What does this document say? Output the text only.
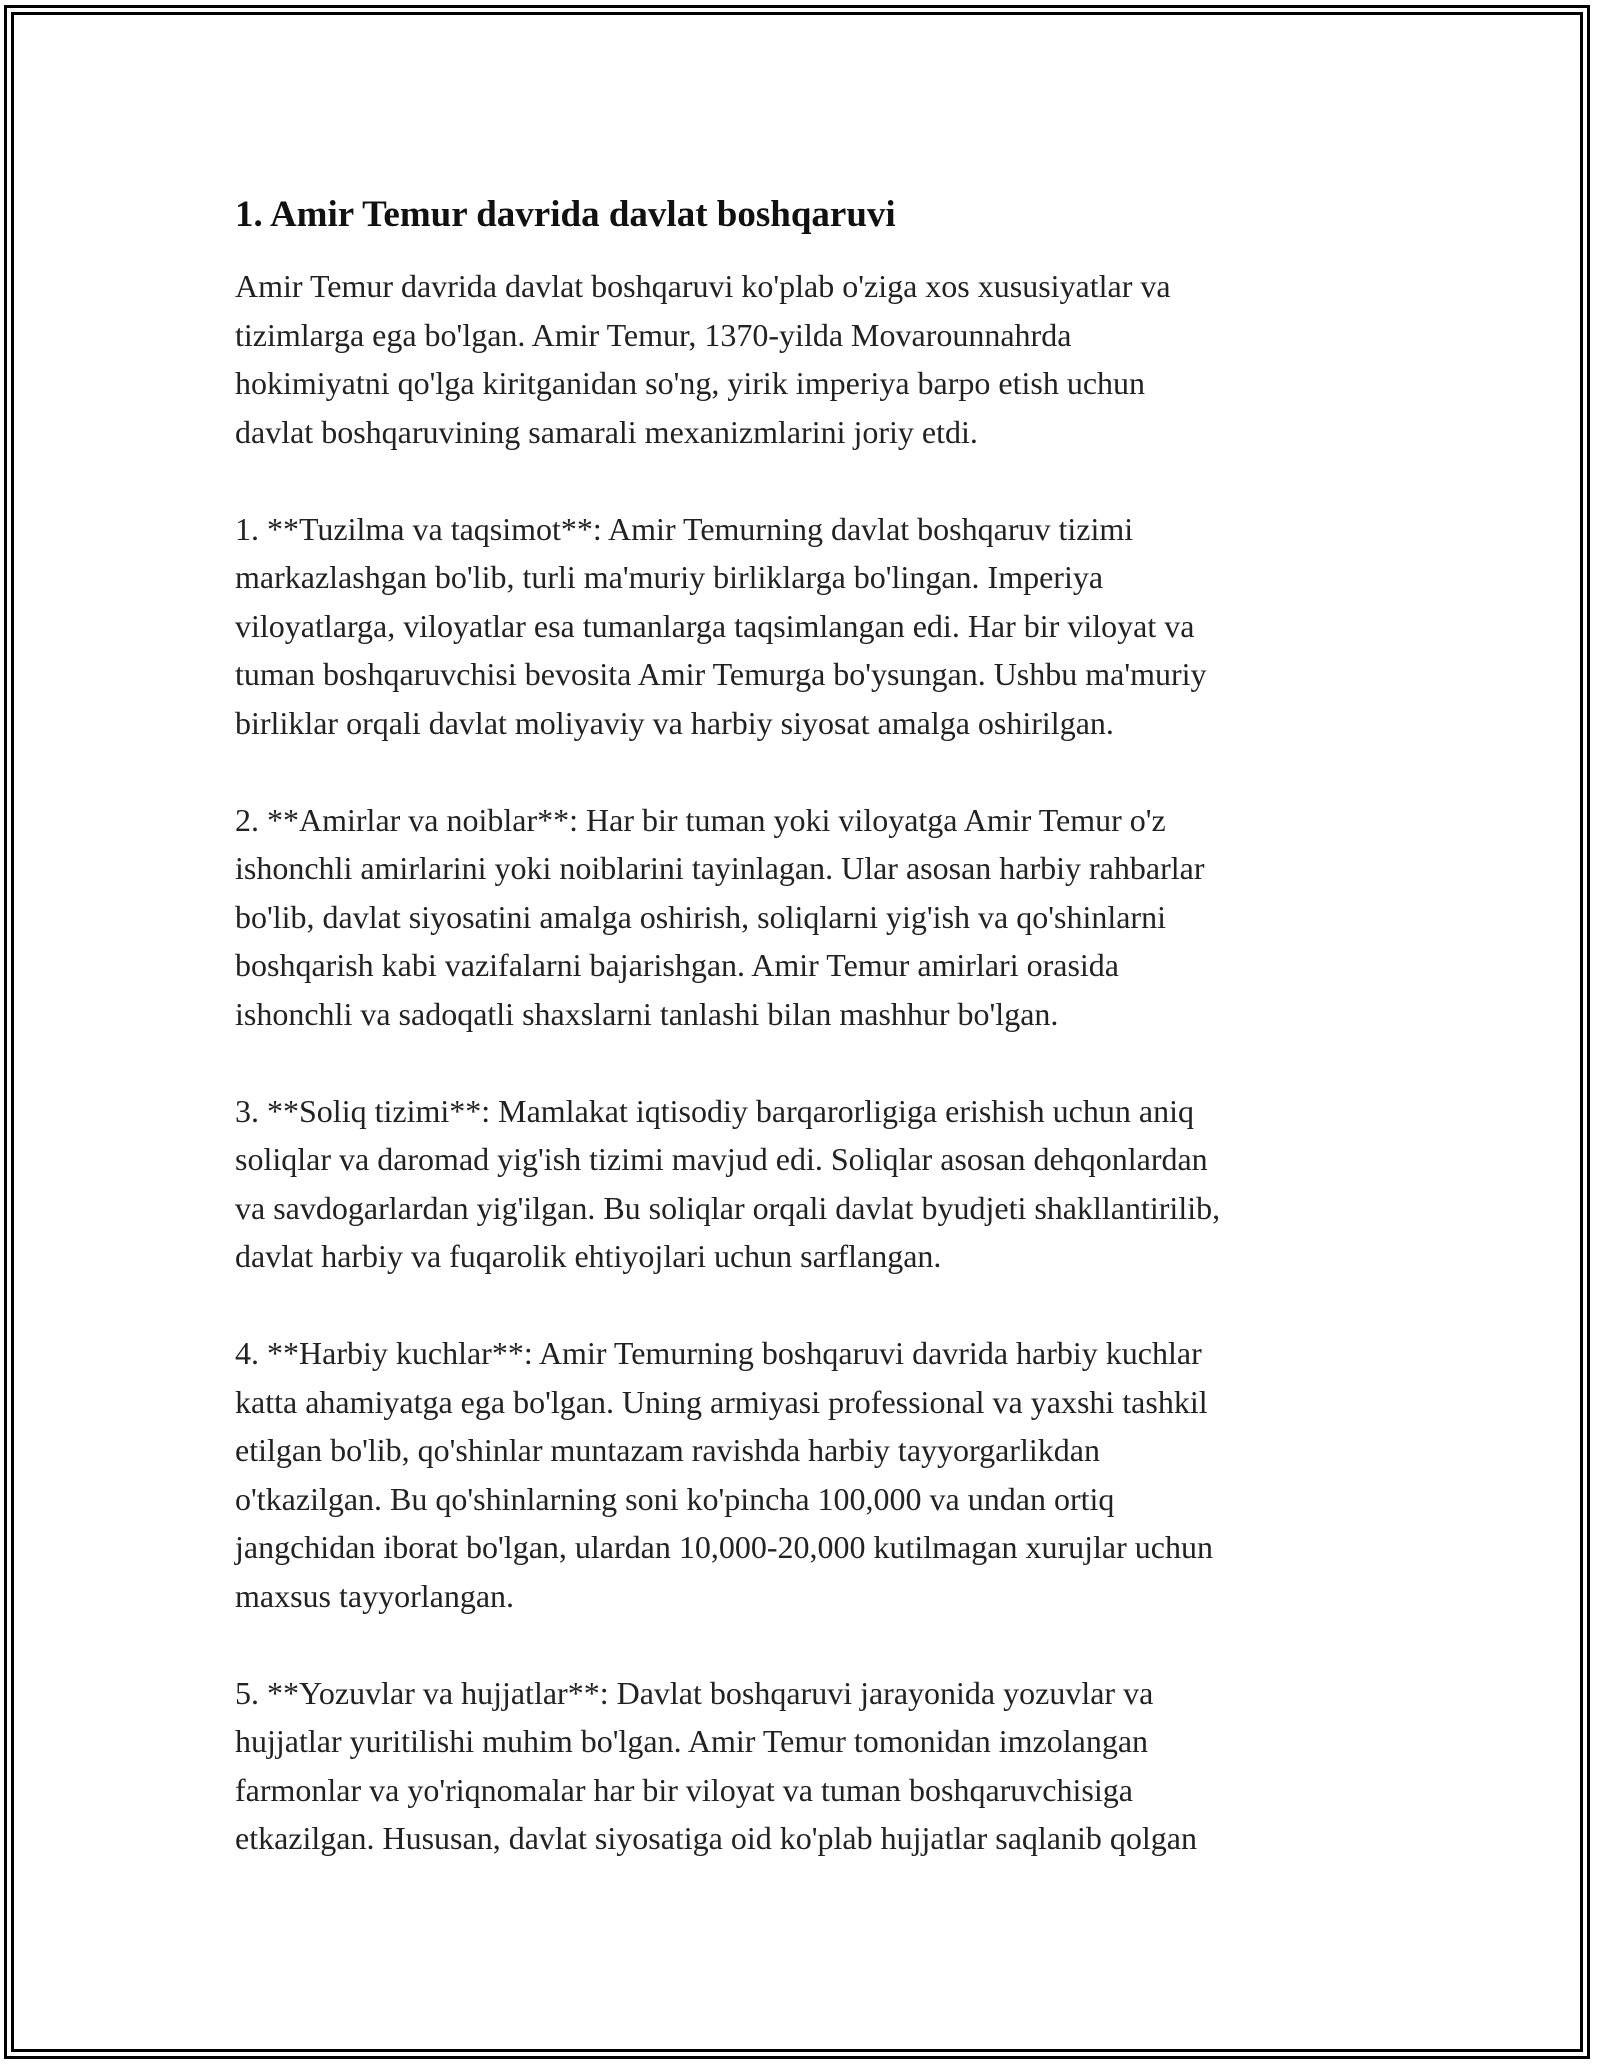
1. Amir Temur davrida davlat boshqaruvi
Amir Temur davrida davlat boshqaruvi ko'plab o'ziga xos xususiyatlar va
tizimlarga ega bo'lgan. Amir Temur, 1370-yilda Movarounnahrda
hokimiyatni qo'lga kiritganidan so'ng, yirik imperiya barpo etish uchun
davlat boshqaruvining samarali mexanizmlarini joriy etdi.
1. **Tuzilma va taqsimot**: Amir Temurning davlat boshqaruv tizimi
markazlashgan bo'lib, turli ma'muriy birliklarga bo'lingan. Imperiya
viloyatlarga, viloyatlar esa tumanlarga taqsimlangan edi. Har bir viloyat va
tuman boshqaruvchisi bevosita Amir Temurga bo'ysungan. Ushbu ma'muriy
birliklar orqali davlat moliyaviy va harbiy siyosat amalga oshirilgan.
2. **Amirlar va noiblar**: Har bir tuman yoki viloyatga Amir Temur o'z
ishonchli amirlarini yoki noiblarini tayinlagan. Ular asosan harbiy rahbarlar
bo'lib, davlat siyosatini amalga oshirish, soliqlarni yig'ish va qo'shinlarni
boshqarish kabi vazifalarni bajarishgan. Amir Temur amirlari orasida
ishonchli va sadoqatli shaxslarni tanlashi bilan mashhur bo'lgan.
3. **Soliq tizimi**: Mamlakat iqtisodiy barqarorligiga erishish uchun aniq
soliqlar va daromad yig'ish tizimi mavjud edi. Soliqlar asosan dehqonlardan
va savdogarlardan yig'ilgan. Bu soliqlar orqali davlat byudjeti shakllantirilib,
davlat harbiy va fuqarolik ehtiyojlari uchun sarflangan.
4. **Harbiy kuchlar**: Amir Temurning boshqaruvi davrida harbiy kuchlar
katta ahamiyatga ega bo'lgan. Uning armiyasi professional va yaxshi tashkil
etilgan bo'lib, qo'shinlar muntazam ravishda harbiy tayyorgarlikdan
o'tkazilgan. Bu qo'shinlarning soni ko'pincha 100,000 va undan ortiq
jangchidan iborat bo'lgan, ulardan 10,000-20,000 kutilmagan xurujlar uchun
maxsus tayyorlangan.
5. **Yozuvlar va hujjatlar**: Davlat boshqaruvi jarayonida yozuvlar va
hujjatlar yuritilishi muhim bo'lgan. Amir Temur tomonidan imzolangan
farmonlar va yo'riqnomalar har bir viloyat va tuman boshqaruvchisiga
etkazilgan. Hususan, davlat siyosatiga oid ko'plab hujjatlar saqlanib qolgan
